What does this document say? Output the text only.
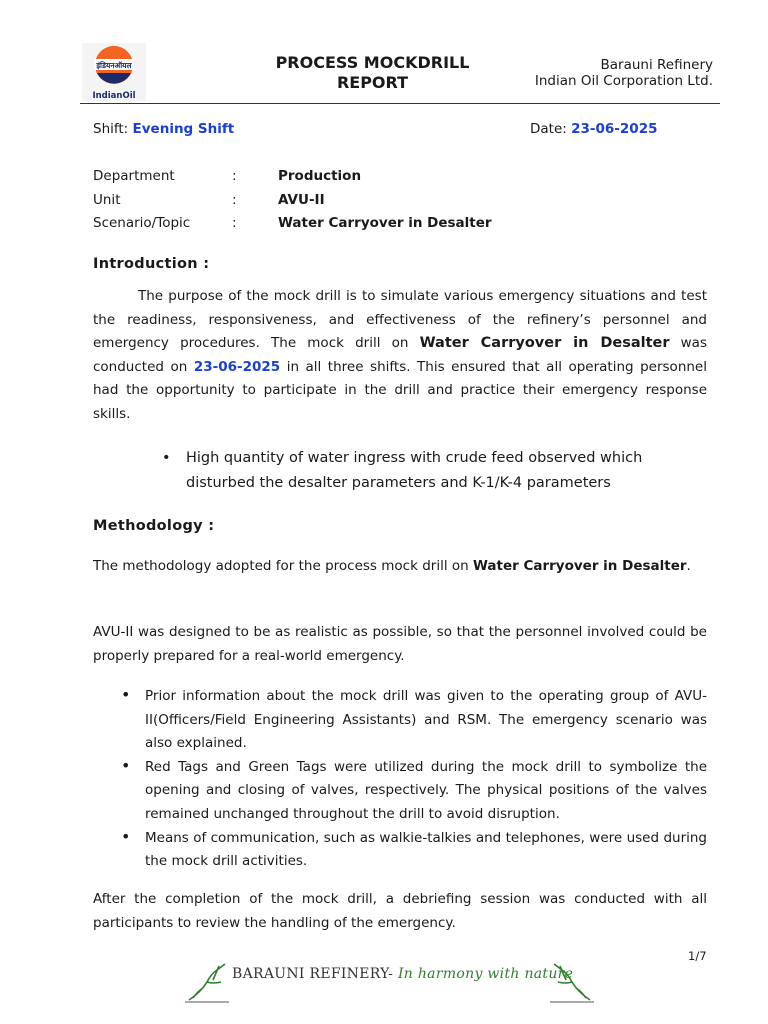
इंडियनऑयल
IndianOil
PROCESS MOCKDRILL
REPORT
Barauni Refinery
Indian Oil Corporation Ltd.
Shift: Evening Shift	Date: 23-06-2025
Department	:	Production
Unit	:	AVU-II
Scenario/Topic	:	Water Carryover in Desalter
Introduction :

The purpose of the mock drill is to simulate various emergency situations and test the readiness, responsiveness, and effectiveness of the refinery’s personnel and emergency procedures. The mock drill on Water Carryover in Desalter was conducted on 23-06-2025 in all three shifts. This ensured that all operating personnel had the opportunity to participate in the drill and practice their emergency response skills.

• High quantity of water ingress with crude feed observed which disturbed the desalter parameters and K-1/K-4 parameters
Methodology :

The methodology adopted for the process mock drill on Water Carryover in Desalter.

AVU-II was designed to be as realistic as possible, so that the personnel involved could be properly prepared for a real-world emergency.

• Prior information about the mock drill was given to the operating group of AVU-II(Officers/Field Engineering Assistants) and RSM. The emergency scenario was also explained.

• Red Tags and Green Tags were utilized during the mock drill to symbolize the opening and closing of valves, respectively. The physical positions of the valves remained unchanged throughout the drill to avoid disruption.

• Means of communication, such as walkie-talkies and telephones, were used during the mock drill activities.

After the completion of the mock drill, a debriefing session was conducted with all participants to review the handling of the emergency.

1/7
BARAUNI REFINERY- In harmony with nature
